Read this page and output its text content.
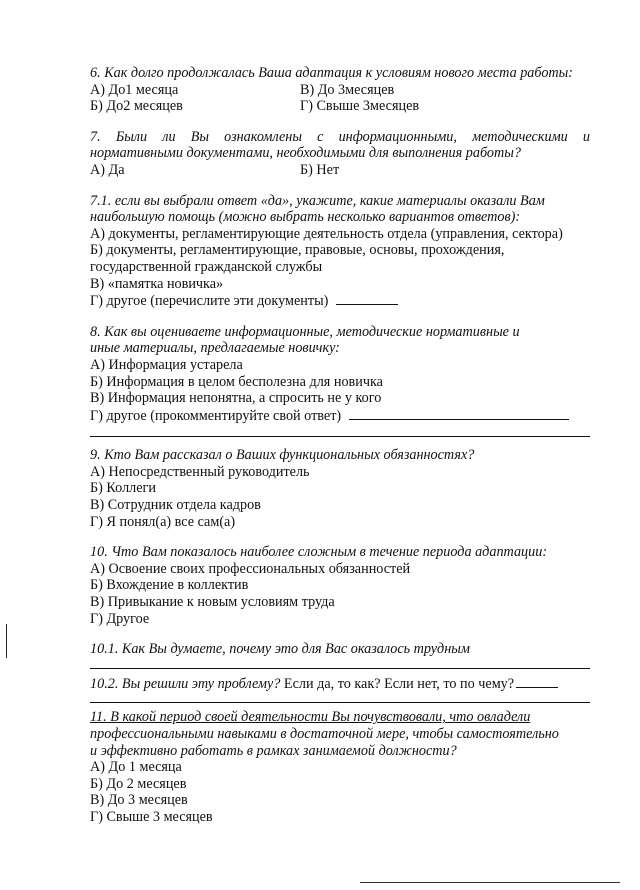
6. Как долго продолжалась Ваша адаптация к условиям нового места работы:
А) До1 месяца	В) До 3месяцев
Б) До2 месяцев	Г) Свыше 3месяцев
7. Были ли Вы ознакомлены с информационными, методическими и
нормативными документами, необходимыми для выполнения работы?
А) Да	Б) Нет
7.1. если вы выбрали ответ «да», укажите, какие материалы оказали Вам
наибольшую помощь (можно выбрать несколько вариантов ответов):
А) документы, регламентирующие деятельность отдела (управления, сектора)
Б) документы, регламентирующие, правовые, основы, прохождения,
государственной гражданской службы
В) «памятка новичка»
Г) другое (перечислите эти документы)
8. Как вы оцениваете информационные, методические нормативные и
иные материалы, предлагаемые новичку:
А) Информация устарела
Б) Информация в целом бесполезна для новичка
В) Информация непонятна, а спросить не у кого
Г) другое (прокомментируйте свой ответ)
9. Кто Вам рассказал о Ваших функциональных обязанностях?
А) Непосредственный руководитель
Б) Коллеги
В) Сотрудник отдела кадров
Г) Я понял(а) все сам(а)
10. Что Вам показалось наиболее сложным в течение периода адаптации:
А) Освоение своих профессиональных обязанностей
Б) Вхождение в коллектив
В) Привыкание к новым условиям труда
Г) Другое
10.1. Как Вы думаете, почему это для Вас оказалось трудным
10.2. Вы решили эту проблему? Если да, то как? Если нет, то по чему?
11. В какой период своей деятельности Вы почувствовали, что овладели
профессиональными навыками в достаточной мере, чтобы самостоятельно
и эффективно работать в рамках занимаемой должности?
А) До 1 месяца
Б) До 2 месяцев
В) До 3 месяцев
Г) Свыше 3 месяцев
